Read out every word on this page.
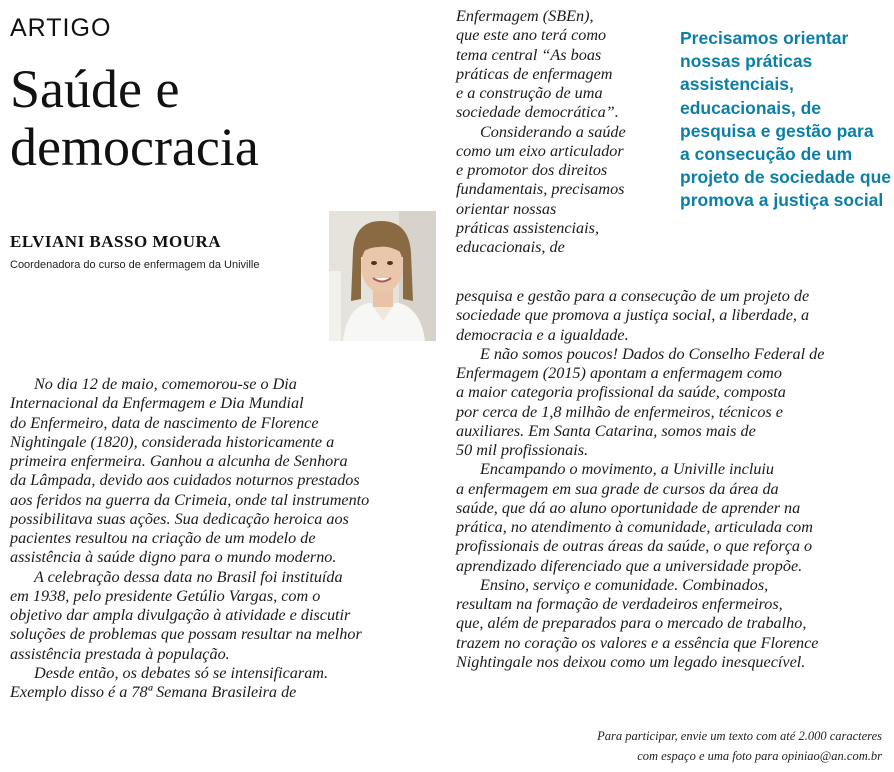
ARTIGO
Saúde e
democracia
ELVIANI BASSO MOURA
Coordenadora do curso de enfermagem da Univille

No dia 12 de maio, comemorou-se o Dia

Internacional da Enfermagem e Dia Mundial

do Enfermeiro, data de nascimento de Florence

Nightingale (1820), considerada historicamente a

primeira enfermeira. Ganhou a alcunha de Senhora

da Lâmpada, devido aos cuidados noturnos prestados

aos feridos na guerra da Crimeia, onde tal instrumento

possibilitava suas ações. Sua dedicação heroica aos

pacientes resultou na criação de um modelo de

assistência à saúde digno para o mundo moderno.

A celebração dessa data no Brasil foi instituída

em 1938, pelo presidente Getúlio Vargas, com o

objetivo dar ampla divulgação à atividade e discutir

soluções de problemas que possam resultar na melhor

assistência prestada à população.

Desde então, os debates só se intensificaram.

Exemplo disso é a 78ª Semana Brasileira de

Enfermagem (SBEn),

que este ano terá como

tema central “As boas

práticas de enfermagem

e a construção de uma

sociedade democrática”.

Considerando a saúde

como um eixo articulador

e promotor dos direitos

fundamentais, precisamos

orientar nossas

práticas assistenciais,

educacionais, de

Precisamos orientar

nossas práticas

assistenciais,

educacionais, de

pesquisa e gestão para

a consecução de um

projeto de sociedade que

promova a justiça social

pesquisa e gestão para a consecução de um projeto de

sociedade que promova a justiça social, a liberdade, a

democracia e a igualdade.

E não somos poucos! Dados do Conselho Federal de

Enfermagem (2015) apontam a enfermagem como

a maior categoria profissional da saúde, composta

por cerca de 1,8 milhão de enfermeiros, técnicos e

auxiliares. Em Santa Catarina, somos mais de

50 mil profissionais.

Encampando o movimento, a Univille incluiu

a enfermagem em sua grade de cursos da área da

saúde, que dá ao aluno oportunidade de aprender na

prática, no atendimento à comunidade, articulada com

profissionais de outras áreas da saúde, o que reforça o

aprendizado diferenciado que a universidade propõe.

Ensino, serviço e comunidade. Combinados,

resultam na formação de verdadeiros enfermeiros,

que, além de preparados para o mercado de trabalho,

trazem no coração os valores e a essência que Florence

Nightingale nos deixou como um legado inesquecível.

Para participar, envie um texto com até 2.000 caracteres

com espaço e uma foto para opiniao@an.com.br
